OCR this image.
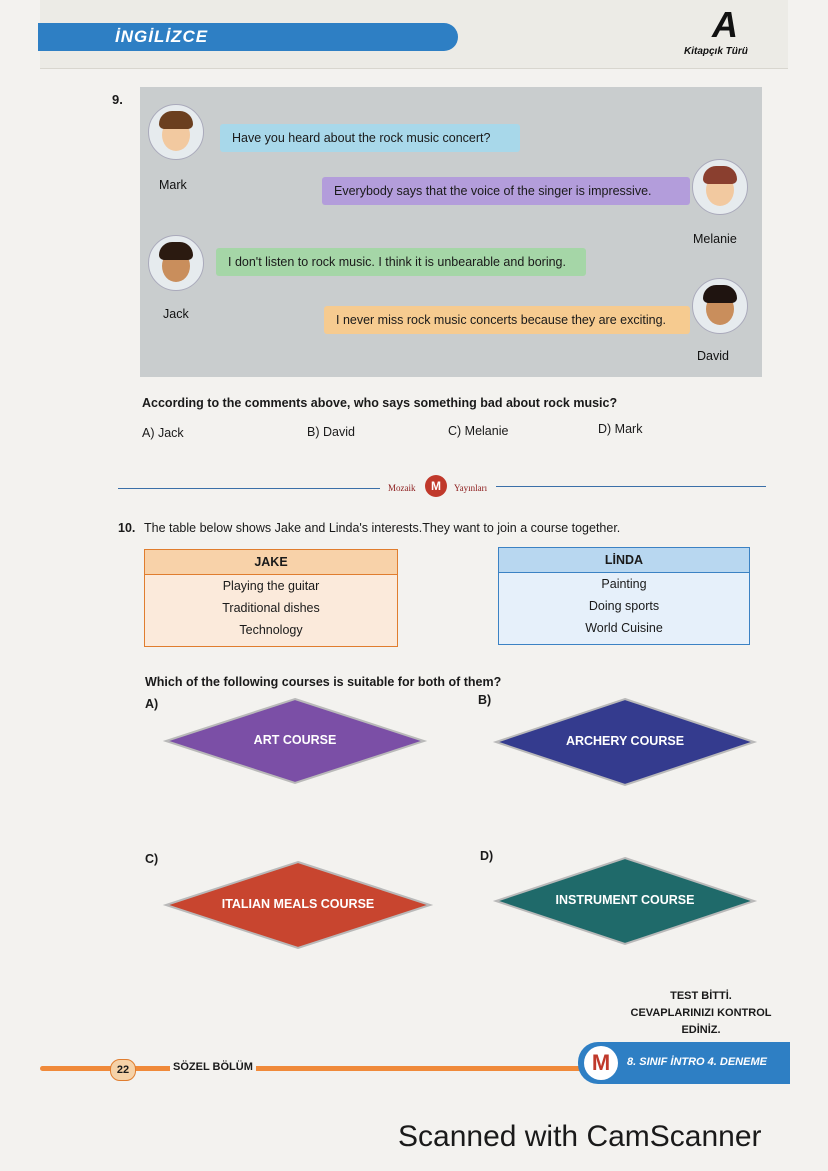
İNGİLİZCE	A
Kitapçık Türü
9.
Mark
Have you heard about the rock music concert?
Melanie
Everybody says that the voice of the singer is impressive.
Jack
I don't listen to rock music. I think it is unbearable and boring.
David
I never miss rock music concerts because they are exciting.
According to the comments above, who says something bad about rock music?
A) Jack	B) David	C) Melanie	D) Mark
Mozaik	M	Yayınları
10. The table below shows Jake and Linda's interests.They want to join a course together.
JAKE
Playing the guitar
Traditional dishes
Technology
LİNDA
Painting
Doing sports
World Cuisine
Which of the following courses is suitable for both of them?
A)
ART COURSE
B)
ARCHERY COURSE
C)
ITALIAN MEALS COURSE
D)
INSTRUMENT COURSE
TEST BİTTİ.
CEVAPLARINIZI KONTROL
EDİNİZ.
22	SÖZEL BÖLÜM	M	8. SINIF İNTRO 4. DENEME
Scanned with CamScanner
